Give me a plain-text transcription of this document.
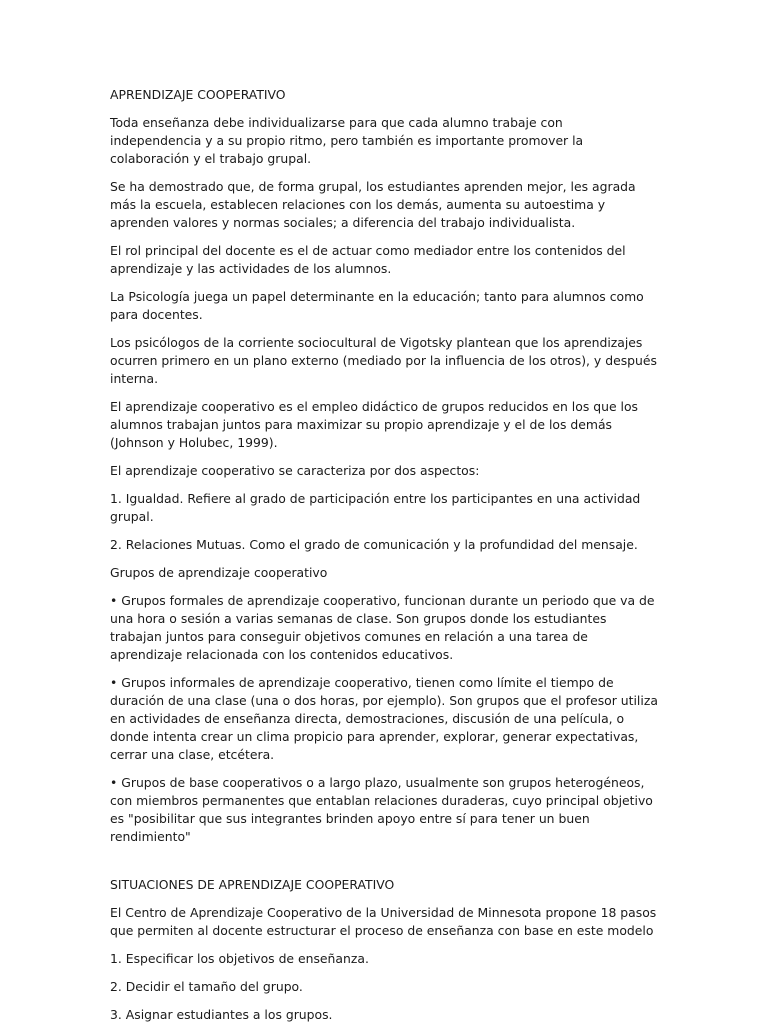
APRENDIZAJE COOPERATIVO

Toda enseñanza debe individualizarse para que cada alumno trabaje con independencia y a su propio ritmo, pero también es importante promover la colaboración y el trabajo grupal.

Se ha demostrado que, de forma grupal, los estudiantes aprenden mejor, les agrada más la escuela, establecen relaciones con los demás, aumenta su autoestima y aprenden valores y normas sociales; a diferencia del trabajo individualista.

El rol principal del docente es el de actuar como mediador entre los contenidos del aprendizaje y las actividades de los alumnos.

La Psicología juega un papel determinante en la educación; tanto para alumnos como para docentes.

Los psicólogos de la corriente sociocultural de Vigotsky plantean que los aprendizajes ocurren primero en un plano externo (mediado por la influencia de los otros), y después interna.

El aprendizaje cooperativo es el empleo didáctico de grupos reducidos en los que los alumnos trabajan juntos para maximizar su propio aprendizaje y el de los demás (Johnson y Holubec, 1999).

El aprendizaje cooperativo se caracteriza por dos aspectos:

1. Igualdad. Refiere al grado de participación entre los participantes en una actividad grupal.

2. Relaciones Mutuas. Como el grado de comunicación y la profundidad del mensaje.

Grupos de aprendizaje cooperativo

• Grupos formales de aprendizaje cooperativo, funcionan durante un periodo que va de una hora o sesión a varias semanas de clase. Son grupos donde los estudiantes trabajan juntos para conseguir objetivos comunes en relación a una tarea de aprendizaje relacionada con los contenidos educativos.

• Grupos informales de aprendizaje cooperativo, tienen como límite el tiempo de duración de una clase (una o dos horas, por ejemplo). Son grupos que el profesor utiliza en actividades de enseñanza directa, demostraciones, discusión de una película, o donde intenta crear un clima propicio para aprender, explorar, generar expectativas, cerrar una clase, etcétera.

• Grupos de base cooperativos o a largo plazo, usualmente son grupos heterogéneos, con miembros permanentes que entablan relaciones duraderas, cuyo principal objetivo es "posibilitar que sus integrantes brinden apoyo entre sí para tener un buen rendimiento"

SITUACIONES DE APRENDIZAJE COOPERATIVO

El Centro de Aprendizaje Cooperativo de la Universidad de Minnesota propone 18 pasos que permiten al docente estructurar el proceso de enseñanza con base en este modelo

1. Especificar los objetivos de enseñanza.

2. Decidir el tamaño del grupo.

3. Asignar estudiantes a los grupos.
